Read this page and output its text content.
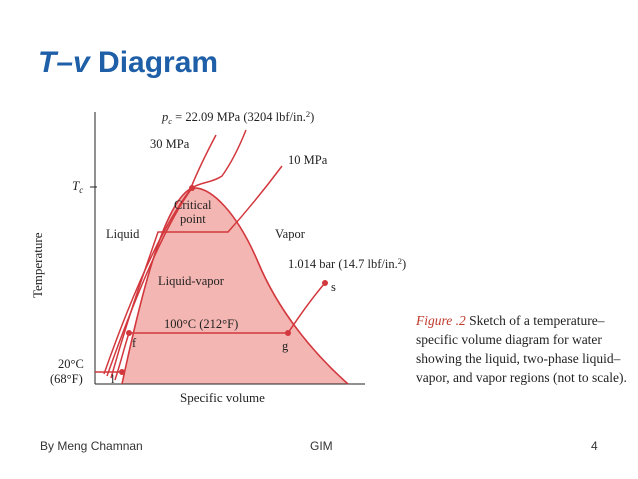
T–v Diagram
Temperature
Specific volume
$T_c$
$p_c = 22.09$ MPa (3204 lbf/in.$^2$)
30 MPa
10 MPa
1.014 bar (14.7 lbf/in.$^2$)
Critical
point
Liquid	Vapor
Liquid-vapor
100°C (212°F)
20°C
(68°F)
f	g
s
l
Figure .2 Sketch of a temperature–specific volume diagram for water showing the liquid, two-phase liquid–vapor, and vapor regions (not to scale).
By Meng Chamnan	GIM	4
